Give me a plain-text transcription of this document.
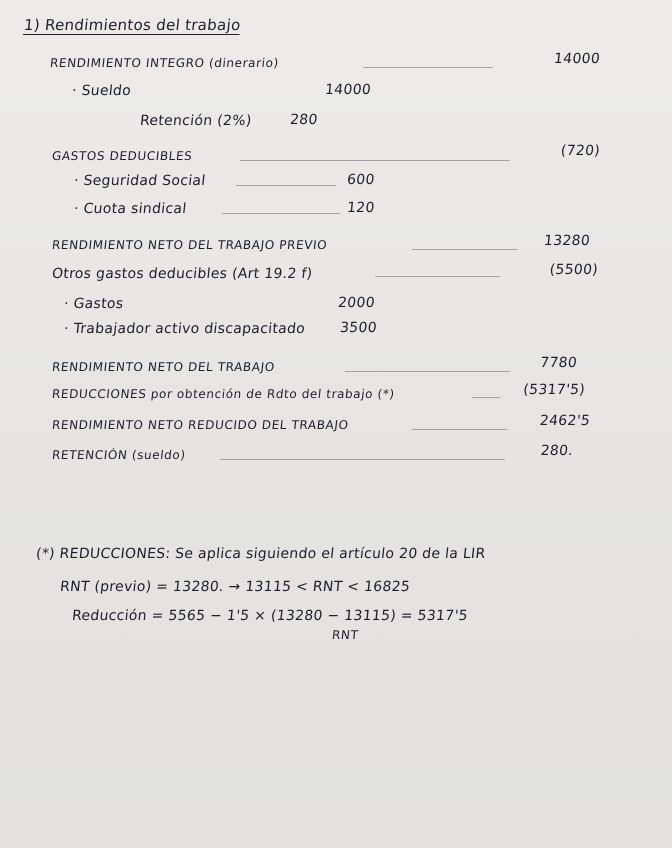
1) Rendimientos del trabajo
RENDIMIENTO INTEGRO (dinerario)	14000
· Sueldo	14000
Retención (2%)	280
GASTOS DEDUCIBLES	(720)
· Seguridad Social	600
· Cuota sindical	120
RENDIMIENTO NETO DEL TRABAJO PREVIO	13280
Otros gastos deducibles (Art 19.2 f)	(5500)
· Gastos	2000
· Trabajador activo discapacitado 3500
RENDIMIENTO NETO DEL TRABAJO	7780
REDUCCIONES por obtención de Rdto del trabajo (*)	(5317'5)
RENDIMIENTO NETO REDUCIDO DEL TRABAJO	2462'5
RETENCIÓN (sueldo)	280.
(*) REDUCCIONES: Se aplica siguiendo el artículo 20 de la LIR
RNT (previo) = 13280. → 13115 < RNT < 16825
Reducción = 5565 − 1'5 × (13280 − 13115) = 5317'5
RNT
